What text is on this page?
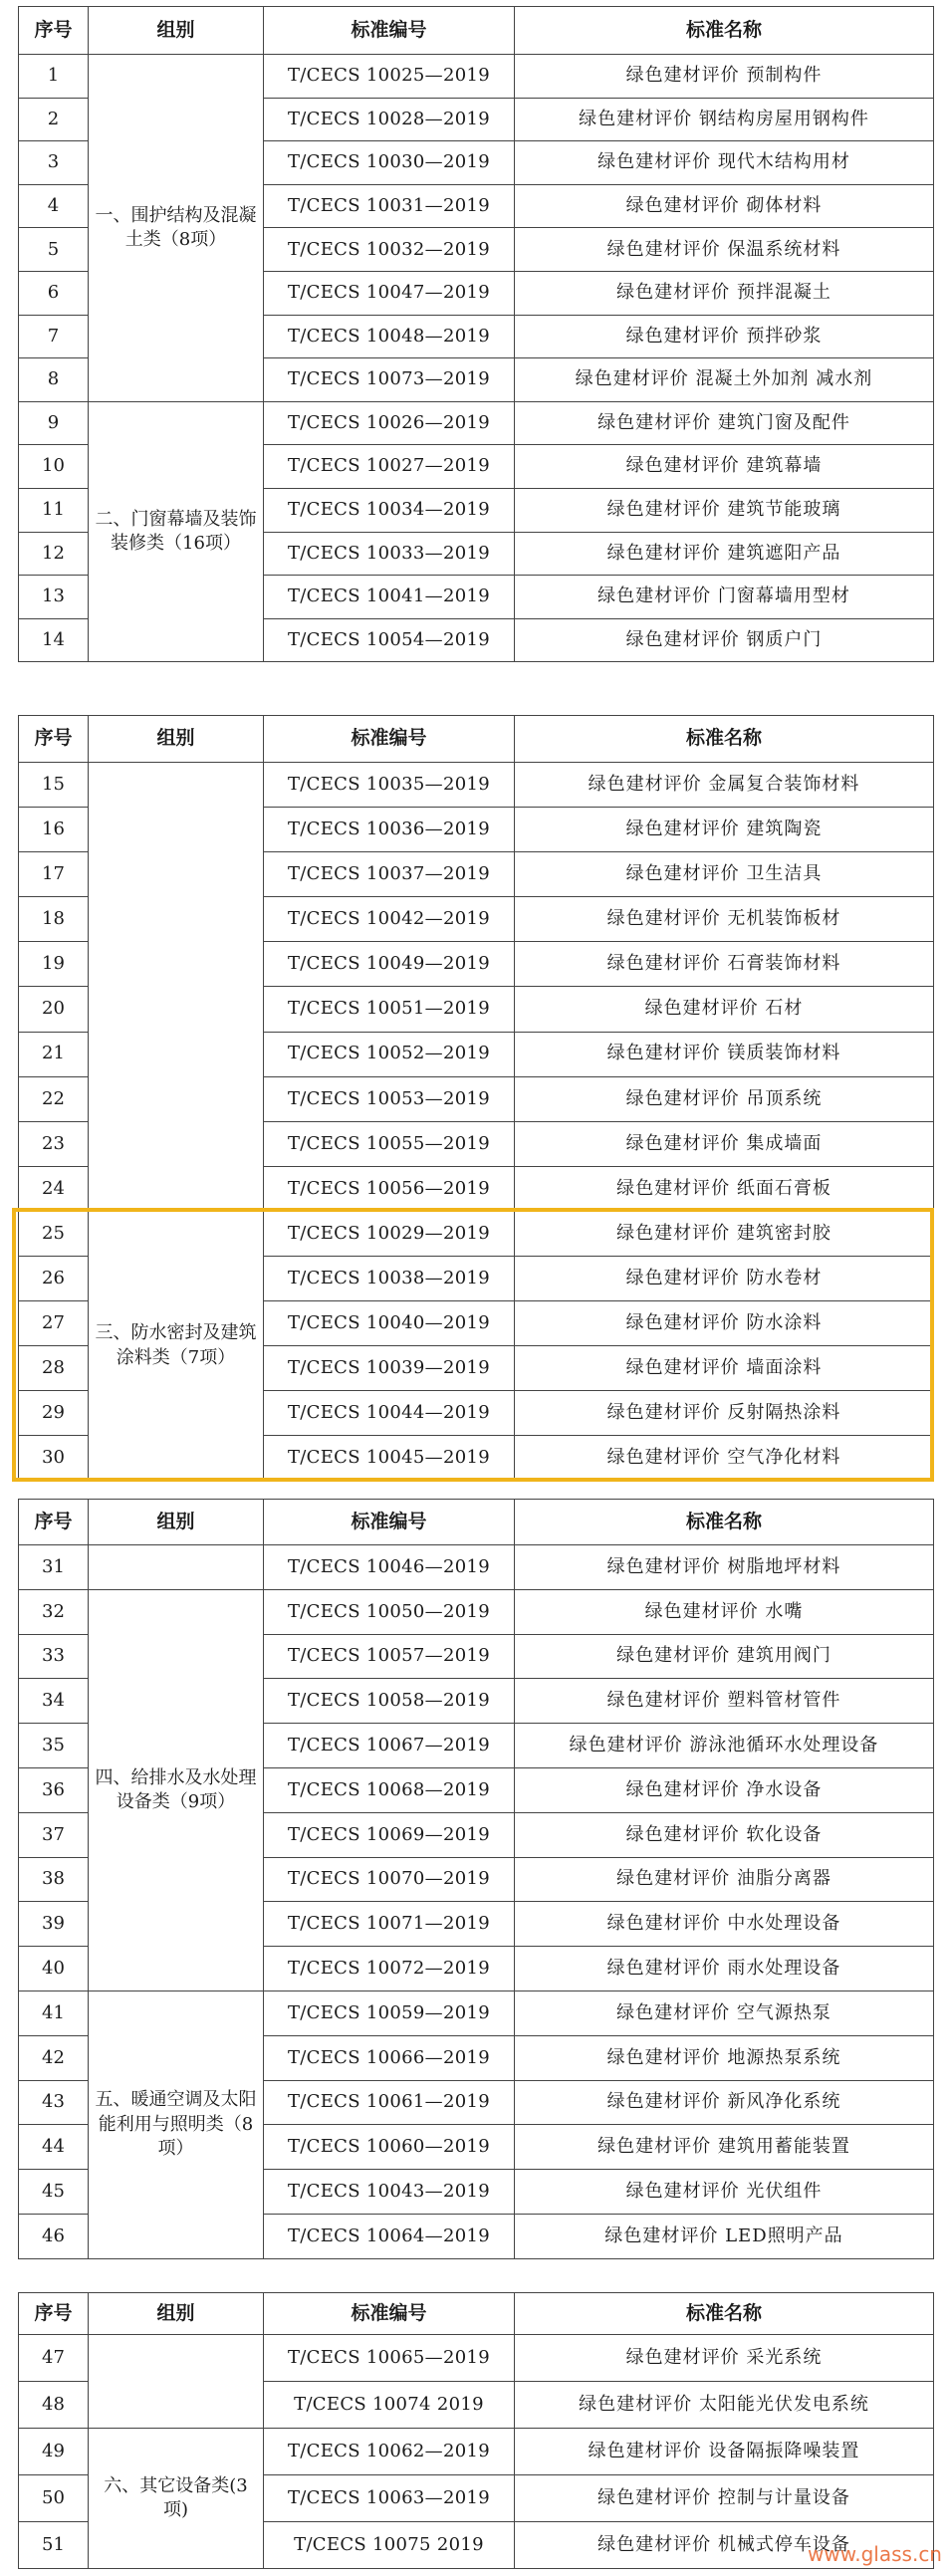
序号	组别	标准编号	标准名称
1	一、围护结构及混凝土类（8项）	T/CECS 10025—2019	绿色建材评价 预制构件
2		T/CECS 10028—2019	绿色建材评价 钢结构房屋用钢构件
3		T/CECS 10030—2019	绿色建材评价 现代木结构用材
4		T/CECS 10031—2019	绿色建材评价 砌体材料
5		T/CECS 10032—2019	绿色建材评价 保温系统材料
6		T/CECS 10047—2019	绿色建材评价 预拌混凝土
7		T/CECS 10048—2019	绿色建材评价 预拌砂浆
8		T/CECS 10073—2019	绿色建材评价 混凝土外加剂 减水剂
9	二、门窗幕墙及装饰装修类（16项）	T/CECS 10026—2019	绿色建材评价 建筑门窗及配件
10		T/CECS 10027—2019	绿色建材评价 建筑幕墙
11		T/CECS 10034—2019	绿色建材评价 建筑节能玻璃
12		T/CECS 10033—2019	绿色建材评价 建筑遮阳产品
13		T/CECS 10041—2019	绿色建材评价 门窗幕墙用型材
14		T/CECS 10054—2019	绿色建材评价 钢质户门
序号	组别	标准编号	标准名称
15		T/CECS 10035—2019	绿色建材评价 金属复合装饰材料
16		T/CECS 10036—2019	绿色建材评价 建筑陶瓷
17		T/CECS 10037—2019	绿色建材评价 卫生洁具
18		T/CECS 10042—2019	绿色建材评价 无机装饰板材
19		T/CECS 10049—2019	绿色建材评价 石膏装饰材料
20		T/CECS 10051—2019	绿色建材评价 石材
21		T/CECS 10052—2019	绿色建材评价 镁质装饰材料
22		T/CECS 10053—2019	绿色建材评价 吊顶系统
23		T/CECS 10055—2019	绿色建材评价 集成墙面
24		T/CECS 10056—2019	绿色建材评价 纸面石膏板
25	三、防水密封及建筑涂料类（7项）	T/CECS 10029—2019	绿色建材评价 建筑密封胶
26		T/CECS 10038—2019	绿色建材评价 防水卷材
27		T/CECS 10040—2019	绿色建材评价 防水涂料
28		T/CECS 10039—2019	绿色建材评价 墙面涂料
29		T/CECS 10044—2019	绿色建材评价 反射隔热涂料
30		T/CECS 10045—2019	绿色建材评价 空气净化材料
序号	组别	标准编号	标准名称
31		T/CECS 10046—2019	绿色建材评价 树脂地坪材料
32	四、给排水及水处理设备类（9项）	T/CECS 10050—2019	绿色建材评价 水嘴
33		T/CECS 10057—2019	绿色建材评价 建筑用阀门
34		T/CECS 10058—2019	绿色建材评价 塑料管材管件
35		T/CECS 10067—2019	绿色建材评价 游泳池循环水处理设备
36		T/CECS 10068—2019	绿色建材评价 净水设备
37		T/CECS 10069—2019	绿色建材评价 软化设备
38		T/CECS 10070—2019	绿色建材评价 油脂分离器
39		T/CECS 10071—2019	绿色建材评价 中水处理设备
40		T/CECS 10072—2019	绿色建材评价 雨水处理设备
41	五、暖通空调及太阳能利用与照明类（8项）	T/CECS 10059—2019	绿色建材评价 空气源热泵
42		T/CECS 10066—2019	绿色建材评价 地源热泵系统
43		T/CECS 10061—2019	绿色建材评价 新风净化系统
44		T/CECS 10060—2019	绿色建材评价 建筑用蓄能装置
45		T/CECS 10043—2019	绿色建材评价 光伏组件
46		T/CECS 10064—2019	绿色建材评价 LED照明产品
序号	组别	标准编号	标准名称
47		T/CECS 10065—2019	绿色建材评价 采光系统
48		T/CECS 10074 2019	绿色建材评价 太阳能光伏发电系统
49	六、其它设备类(3项)	T/CECS 10062—2019	绿色建材评价 设备隔振降噪装置
50		T/CECS 10063—2019	绿色建材评价 控制与计量设备
51		T/CECS 10075 2019	绿色建材评价 机械式停车设备
www.glass.cn
